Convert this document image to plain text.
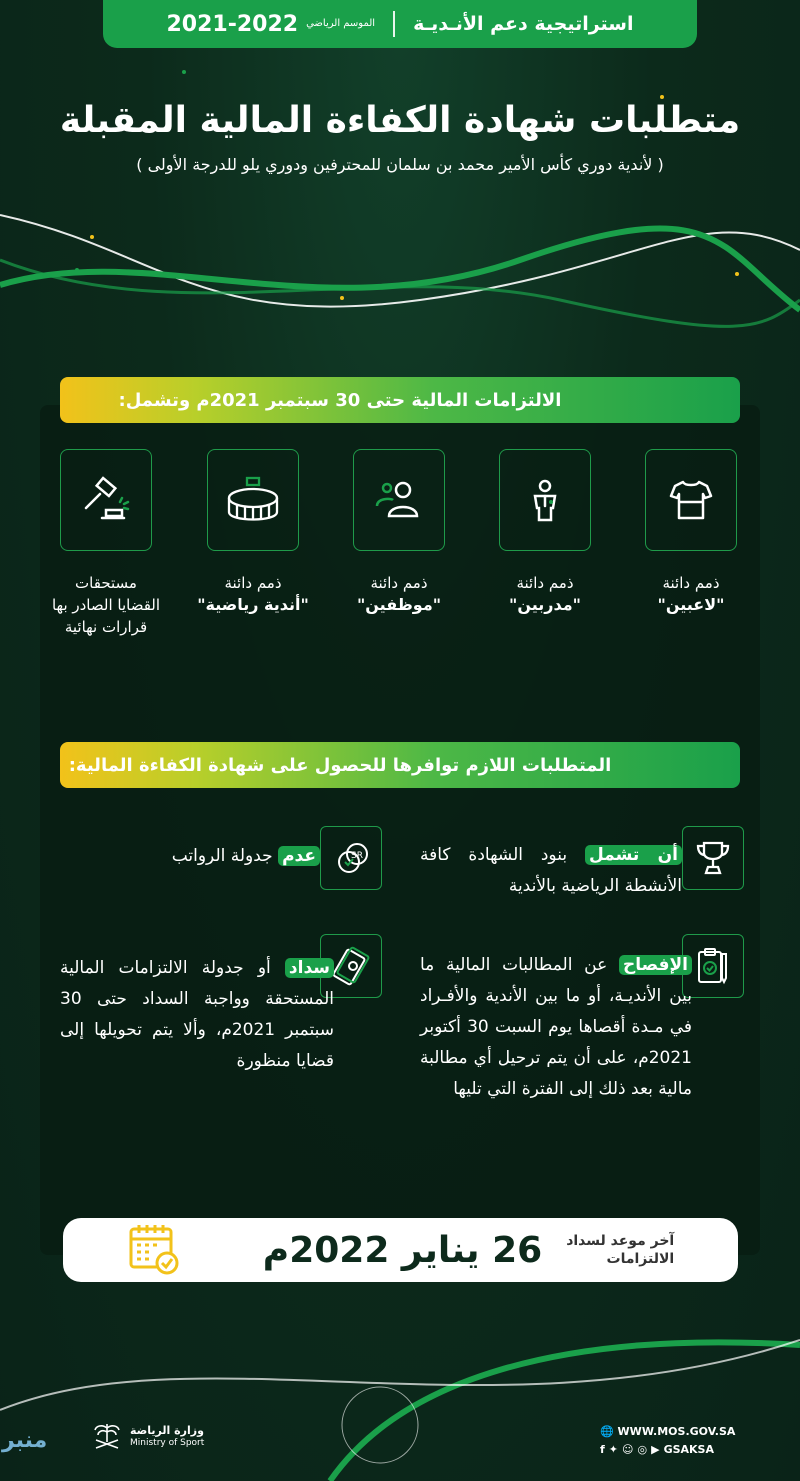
استراتيجية دعم الأنـديـة
الموسم الرياضي
2021-2022
متطلبات شهادة الكفاءة المالية المقبلة
( لأندية دوري كأس الأمير محمد بن سلمان للمحترفين ودوري يلو للدرجة الأولى )
الالتزامات المالية حتى 30 سبتمبر 2021م وتشمل:
ذمم دائنة
"لاعبين"
ذمم دائنة
"مدربين"
ذمم دائنة
"موظفين"
ذمم دائنة
"أندية رياضية"
مستحقات
القضايا الصادر بها قرارات نهائية
المتطلبات اللازم توافرها للحصول على شهادة الكفاءة المالية:
أن تشمل بنود الشهادة كافة الأنشطة الرياضية بالأندية
SR
عدم جدولة الرواتب
الإفصاح عن المطالبات المالية ما بين الأنديـة، أو ما بين الأندية والأفـراد في مـدة أقصاها يوم السبت 30 أكتوبر 2021م، على أن يتم ترحيل أي مطالبة مالية بعد ذلك إلى الفترة التي تليها
سداد أو جدولة الالتزامات المالية المستحقة وواجبة السداد حتى 30 سبتمبر 2021م، وألا يتم تحويلها إلى قضايا منظورة
آخر موعد لسداد الالتزامات
26 يناير 2022م
منبر	وزارة الرياضة
Ministry of Sport
🌐 WWW.MOS.GOV.SA
f ✦ ☺ ◎ ▶ GSAKSA
